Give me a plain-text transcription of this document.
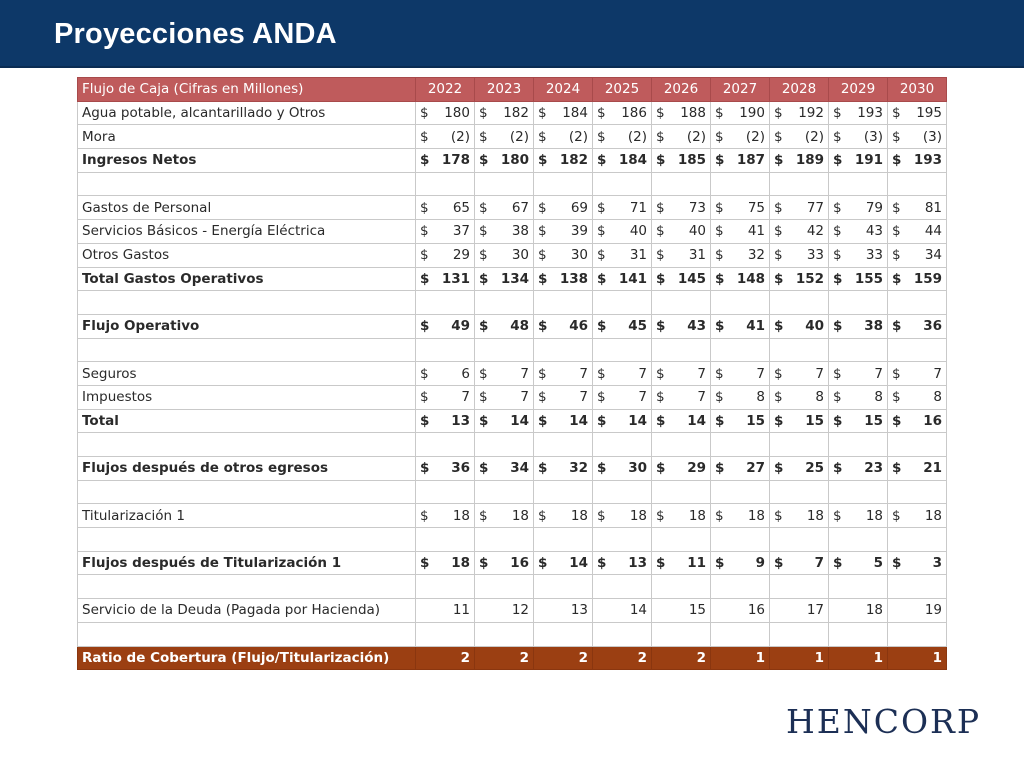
Proyecciones ANDA
Flujo de Caja (Cifras en Millones)	2022	2023	2024	2025	2026	2027	2028	2029	2030
Agua potable, alcantarillado y Otros	$ 180	$ 182	$ 184	$ 186	$ 188	$ 190	$ 192	$ 193	$ 195

Mora	$ (2)	$ (2)	$ (2)	$ (2)	$ (2)	$ (2)	$ (2)	$ (3)	$ (3)

Ingresos Netos	$ 178	$ 180	$ 182	$ 184	$ 185	$ 187	$ 189	$ 191	$ 193

Gastos de Personal	$ 65	$ 67	$ 69	$ 71	$ 73	$ 75	$ 77	$ 79	$ 81

Servicios Básicos - Energía Eléctrica	$ 37	$ 38	$ 39	$ 40	$ 40	$ 41	$ 42	$ 43	$ 44

Otros Gastos	$ 29	$ 30	$ 30	$ 31	$ 31	$ 32	$ 33	$ 33	$ 34

Total Gastos Operativos	$ 131	$ 134	$ 138	$ 141	$ 145	$ 148	$ 152	$ 155	$ 159

Flujo Operativo	$ 49	$ 48	$ 46	$ 45	$ 43	$ 41	$ 40	$ 38	$ 36

Seguros	$ 6	$ 7	$ 7	$ 7	$ 7	$ 7	$ 7	$ 7	$ 7

Impuestos	$ 7	$ 7	$ 7	$ 7	$ 7	$ 8	$ 8	$ 8	$ 8

Total	$ 13	$ 14	$ 14	$ 14	$ 14	$ 15	$ 15	$ 15	$ 16

Flujos después de otros egresos	$ 36	$ 34	$ 32	$ 30	$ 29	$ 27	$ 25	$ 23	$ 21

Titularización 1	$ 18	$ 18	$ 18	$ 18	$ 18	$ 18	$ 18	$ 18	$ 18

Flujos después de Titularización 1	$ 18	$ 16	$ 14	$ 13	$ 11	$ 9	$ 7	$ 5	$ 3

Servicio de la Deuda (Pagada por Hacienda)	11	12	13	14	15	16	17	18	19

Ratio de Cobertura (Flujo/Titularización)	2	2	2	2	2	1	1	1	1
HENCORP
